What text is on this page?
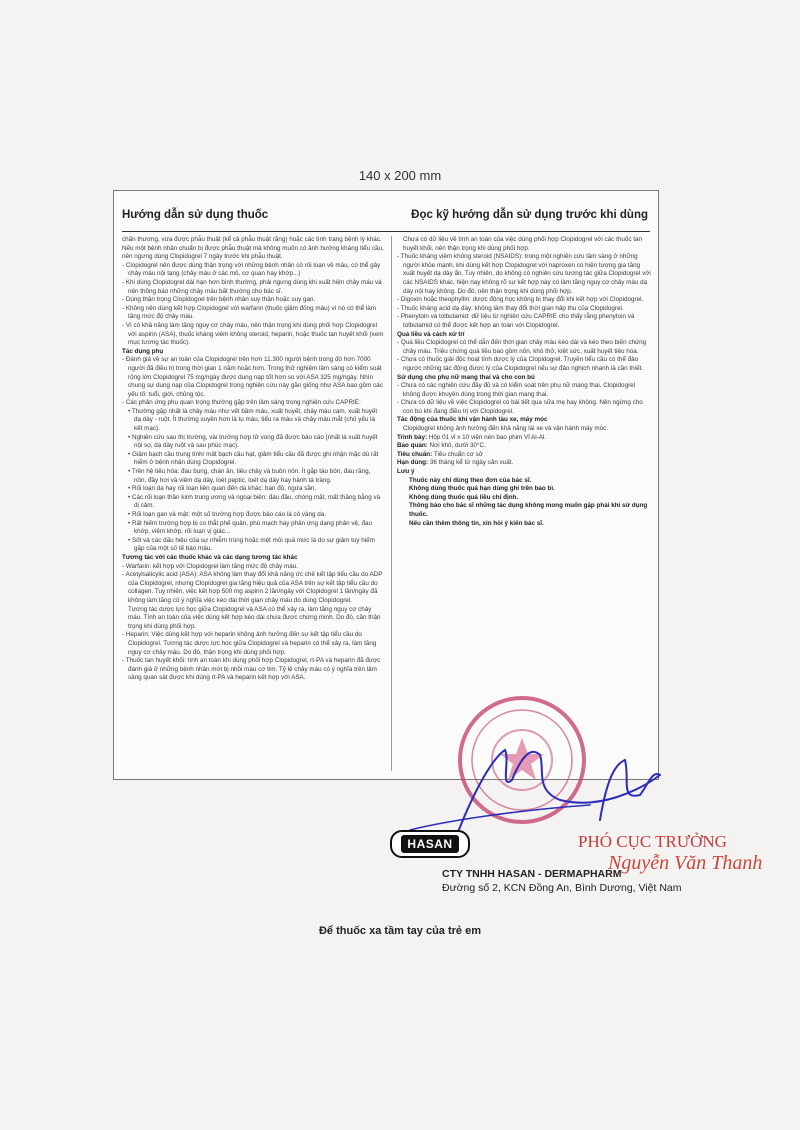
140 x 200 mm
Hướng dẫn sử dụng thuốc	Đọc kỹ hướng dẫn sử dụng trước khi dùng

chấn thương, vừa được phẫu thuật (kể cả phẫu thuật răng) hoặc các tình trạng bệnh lý khác. Nếu một bệnh nhân chuẩn bị được phẫu thuật mà không muốn có ảnh hưởng kháng tiểu cầu, nên ngưng dùng Clopidogrel 7 ngày trước khi phẫu thuật.

- Clopidogrel nên được dùng thận trọng với những bệnh nhân có rối loạn về máu, có thể gây chảy máu nội tạng (chảy máu ở các mô, cơ quan hay khớp...)

- Khi dùng Clopidogrel dài hạn hơn bình thường, phải ngưng dùng khi xuất hiện chảy máu và nên thông báo những chảy máu bất thường cho bác sĩ.

- Dùng thận trọng Clopidogrel trên bệnh nhân suy thận hoặc suy gan.

- Không nên dùng kết hợp Clopidogrel với warfarin (thuốc giảm đông máu) vì nó có thể làm tăng mức độ chảy máu.

- Vì có khả năng làm tăng nguy cơ chảy máu, nên thận trọng khi dùng phối hợp Clopidogrel với aspirin (ASA), thuốc kháng viêm không steroid, heparin, hoặc thuốc tan huyết khối (xem mục tương tác thuốc).

Tác dụng phụ

- Đánh giá về sự an toàn của Clopidogrel trên hơn 11.300 người bệnh trong đó hơn 7000 người đã điều trị trong thời gian 1 năm hoặc hơn. Trong thử nghiệm lâm sàng có kiểm soát rộng lớn Clopidogrel 75 mg/ngày được dung nạp tốt hơn so với ASA 325 mg/ngày. Nhìn chung sự dung nạp của Clopidogrel trong nghiên cứu này gần giống như ASA bao gồm các yếu tố: tuổi, giới, chủng tộc.

- Các phản ứng phụ quan trọng thường gặp trên lâm sàng trong nghiên cứu CAPRIE:

• Thường gặp nhất là chảy máu như vết bầm máu, xuất huyết, chảy máu cam, xuất huyết dạ dày - ruột. Ít thường xuyên hơn là tụ máu, tiểu ra máu và chảy máu mắt (chủ yếu là kết mạc).

• Nghiên cứu sau thị trường, vài trường hợp tử vong đã được báo cáo (nhất là xuất huyết nội sọ, dạ dày ruột và sau phúc mạc).

• Giảm bạch cầu trung tính/ mất bạch cầu hạt, giảm tiểu cầu đã được ghi nhận mặc dù rất hiếm ở bệnh nhân dùng Clopidogrel.

• Trên hệ tiêu hóa: đau bụng, chán ăn, tiêu chảy và buồn nôn. Ít gặp táo bón, đau răng, nôn, đầy hơi và viêm dạ dày, loét peptic, loét dạ dày hay hành tá tràng.

• Rối loạn da hay rối loạn liên quan đến da khác: ban đỏ, ngứa sần.

• Các rối loạn thần kinh trung ương và ngoại biên: đau đầu, chóng mặt, mất thăng bằng và dị cảm.

• Rối loạn gan và mật: một số trường hợp được báo cáo là có vàng da.

• Rất hiếm trường hợp bị co thắt phế quản, phù mạch hay phản ứng dạng phản vệ, đau khớp, viêm khớp, rối loạn vị giác...

• Sốt và các dấu hiệu của sự nhiễm trùng hoặc mệt mỏi quá mức là do sự giảm tuy hiếm gặp của một số tế bào máu.

Tương tác với các thuốc khác và các dạng tương tác khác

- Warfarin: kết hợp với Clopidogrel làm tăng mức độ chảy máu.

- Acetylsalicylic acid (ASA): ASA không làm thay đổi khả năng ức chế kết tập tiểu cầu do ADP của Clopidogrel, nhưng Clopidogrel gia tăng hiệu quả của ASA trên sự kết tập tiểu cầu do collagen. Tuy nhiên, việc kết hợp 500 mg aspirin 2 lần/ngày với Clopidogrel 1 lần/ngày đã không làm tăng có ý nghĩa việc kéo dài thời gian chảy máu do dùng Clopidogrel.

Tương tác dược lực học giữa Clopidogrel và ASA có thể xảy ra, làm tăng nguy cơ chảy máu. Tính an toàn của việc dùng kết hợp kéo dài chưa được chứng minh. Do đó, cần thận trọng khi dùng phối hợp.

- Heparin: Việc dùng kết hợp với heparin không ảnh hưởng đến sự kết tập tiểu cầu do Clopidogrel. Tương tác dược lực học giữa Clopidogrel và heparin có thể xảy ra, làm tăng nguy cơ chảy máu. Do đó, thận trọng khi dùng phối hợp.

- Thuốc tan huyết khối: tính an toàn khi dùng phối hợp Clopidogrel, rt-PA và heparin đã được đánh giá ở những bệnh nhân mới bị nhồi máu cơ tim. Tỷ lệ chảy máu có ý nghĩa trên lâm sàng quan sát được khi dùng rt-PA và heparin kết hợp với ASA.

Chưa có dữ liệu về tính an toàn của việc dùng phối hợp Clopidogrel với các thuốc tan huyết khối, nên thận trọng khi dùng phối hợp.

- Thuốc kháng viêm không steroid (NSAIDS): trong một nghiên cứu lâm sàng ở những người khỏe mạnh, khi dùng kết hợp Clopidogrel với naproxen có hiện tượng gia tăng xuất huyết dạ dày ẩn. Tuy nhiên, do không có nghiên cứu tương tác giữa Clopidogrel với các NSAIDS khác, hiện nay không rõ sự kết hợp này có làm tăng nguy cơ chảy máu dạ dày nội hay không. Do đó, nên thận trọng khi dùng phối hợp.

- Digoxin hoặc theophyllin: dược động học không bị thay đổi khi kết hợp với Clopidogrel.

- Thuốc kháng acid dạ dày: không làm thay đổi thời gian hấp thu của Clopidogrel.

- Phenytoin và tolbutamid: dữ liệu từ nghiên cứu CAPRIE cho thấy rằng phenytoin và tolbutamid có thể được kết hợp an toàn với Clopidogrel.

Quá liều và cách xử trí

- Quá liều Clopidogrel có thể dẫn đến thời gian chảy máu kéo dài và kéo theo biến chứng chảy máu. Triệu chứng quá liều bao gồm nôn, khó thở, kiệt sức, xuất huyết tiêu hóa.

- Chưa có thuốc giải độc hoạt tính dược lý của Clopidogrel. Truyền tiểu cầu có thể đảo ngược những tác động được lý của Clopidogrel nếu sự đảo nghịch nhanh là cần thiết.

Sử dụng cho phụ nữ mang thai và cho con bú

- Chưa có các nghiên cứu đầy đủ và có kiểm soát trên phụ nữ mang thai, Clopidogrel không được khuyên dùng trong thời gian mang thai.

- Chưa có dữ liệu về việc Clopidogrel có bài tiết qua sữa mẹ hay không. Nên ngừng cho con bú khi đang điều trị với Clopidogrel.

Tác động của thuốc khi vận hành tàu xe, máy móc

Clopidogrel không ảnh hưởng đến khả năng lái xe và vận hành máy móc.

Trình bày: Hộp 01 vỉ x 10 viên nén bao phim Vỉ Al-Al.

Bảo quản: Nơi khô, dưới 30°C.

Tiêu chuẩn: Tiêu chuẩn cơ sở

Hạn dùng: 36 tháng kể từ ngày sản xuất.

Lưu ý

Thuốc này chỉ dùng theo đơn của bác sĩ.

Không dùng thuốc quá hạn dùng ghi trên bao bì.

Không dùng thuốc quá liều chỉ định.

Thông báo cho bác sĩ những tác dụng không mong muốn gặp phải khi sử dụng thuốc.

Nếu cần thêm thông tin, xin hỏi ý kiến bác sĩ.

HASAN
CTY TNHH HASAN - DERMAPHARM
Đường số 2, KCN Đồng An, Bình Dương, Việt Nam
PHÓ CỤC TRƯỞNG
Nguyễn Văn Thanh
Để thuốc xa tầm tay của trẻ em
